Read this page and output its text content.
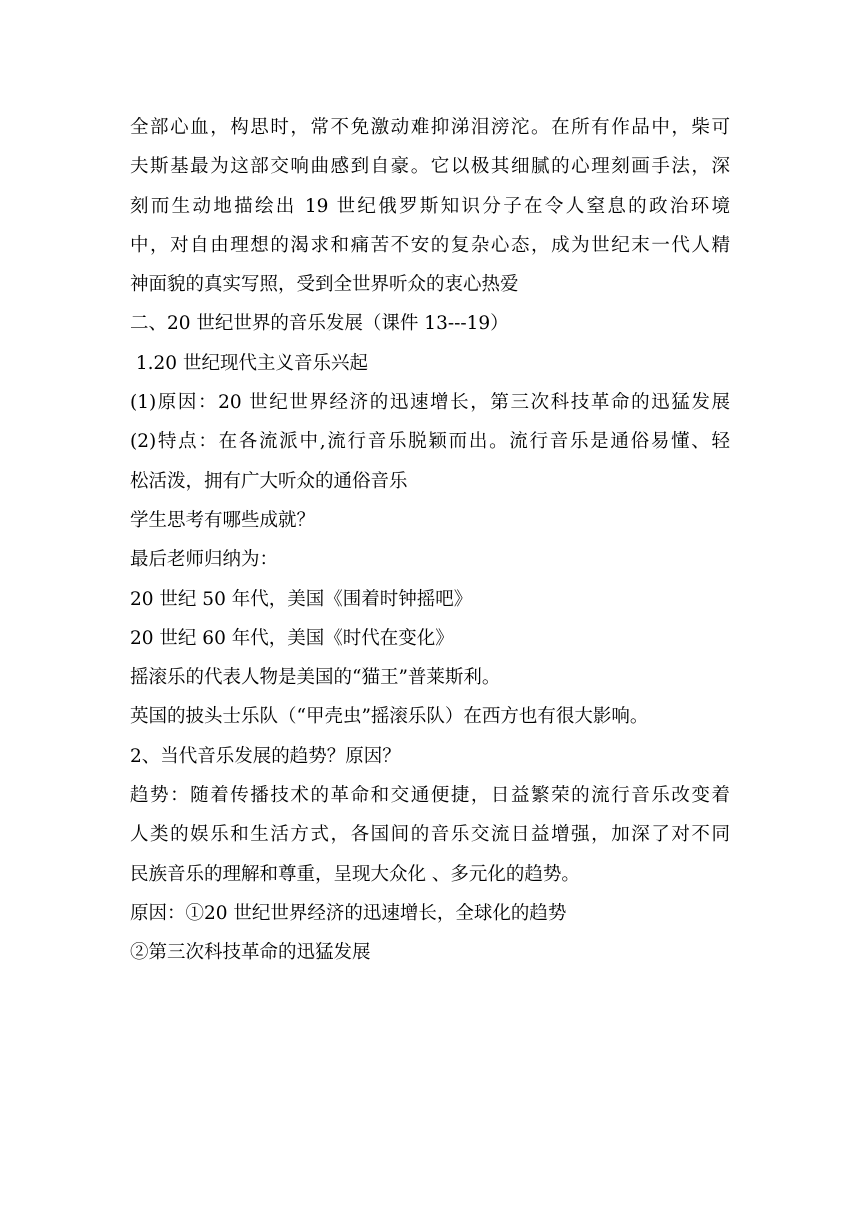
全部心血，构思时，常不免激动难抑涕泪滂沱。在所有作品中，柴可
夫斯基最为这部交响曲感到自豪。它以极其细腻的心理刻画手法，深
刻而生动地描绘出 19 世纪俄罗斯知识分子在令人窒息的政治环境
中，对自由理想的渴求和痛苦不安的复杂心态，成为世纪末一代人精
神面貌的真实写照，受到全世界听众的衷心热爱
二、20 世纪世界的音乐发展（课件 13---19）
1.20 世纪现代主义音乐兴起
(1)原因：20 世纪世界经济的迅速增长，第三次科技革命的迅猛发展
(2)特点：在各流派中,流行音乐脱颖而出。流行音乐是通俗易懂、轻
松活泼，拥有广大听众的通俗音乐
学生思考有哪些成就？
最后老师归纳为：
20 世纪 50 年代，美国《围着时钟摇吧》
20 世纪 60 年代，美国《时代在变化》
摇滚乐的代表人物是美国的“猫王”普莱斯利。
英国的披头士乐队（“甲壳虫”摇滚乐队）在西方也有很大影响。
2、当代音乐发展的趋势？原因？
趋势：随着传播技术的革命和交通便捷，日益繁荣的流行音乐改变着
人类的娱乐和生活方式，各国间的音乐交流日益增强，加深了对不同
民族音乐的理解和尊重，呈现大众化 、多元化的趋势。
原因：①20 世纪世界经济的迅速增长，全球化的趋势
②第三次科技革命的迅猛发展
